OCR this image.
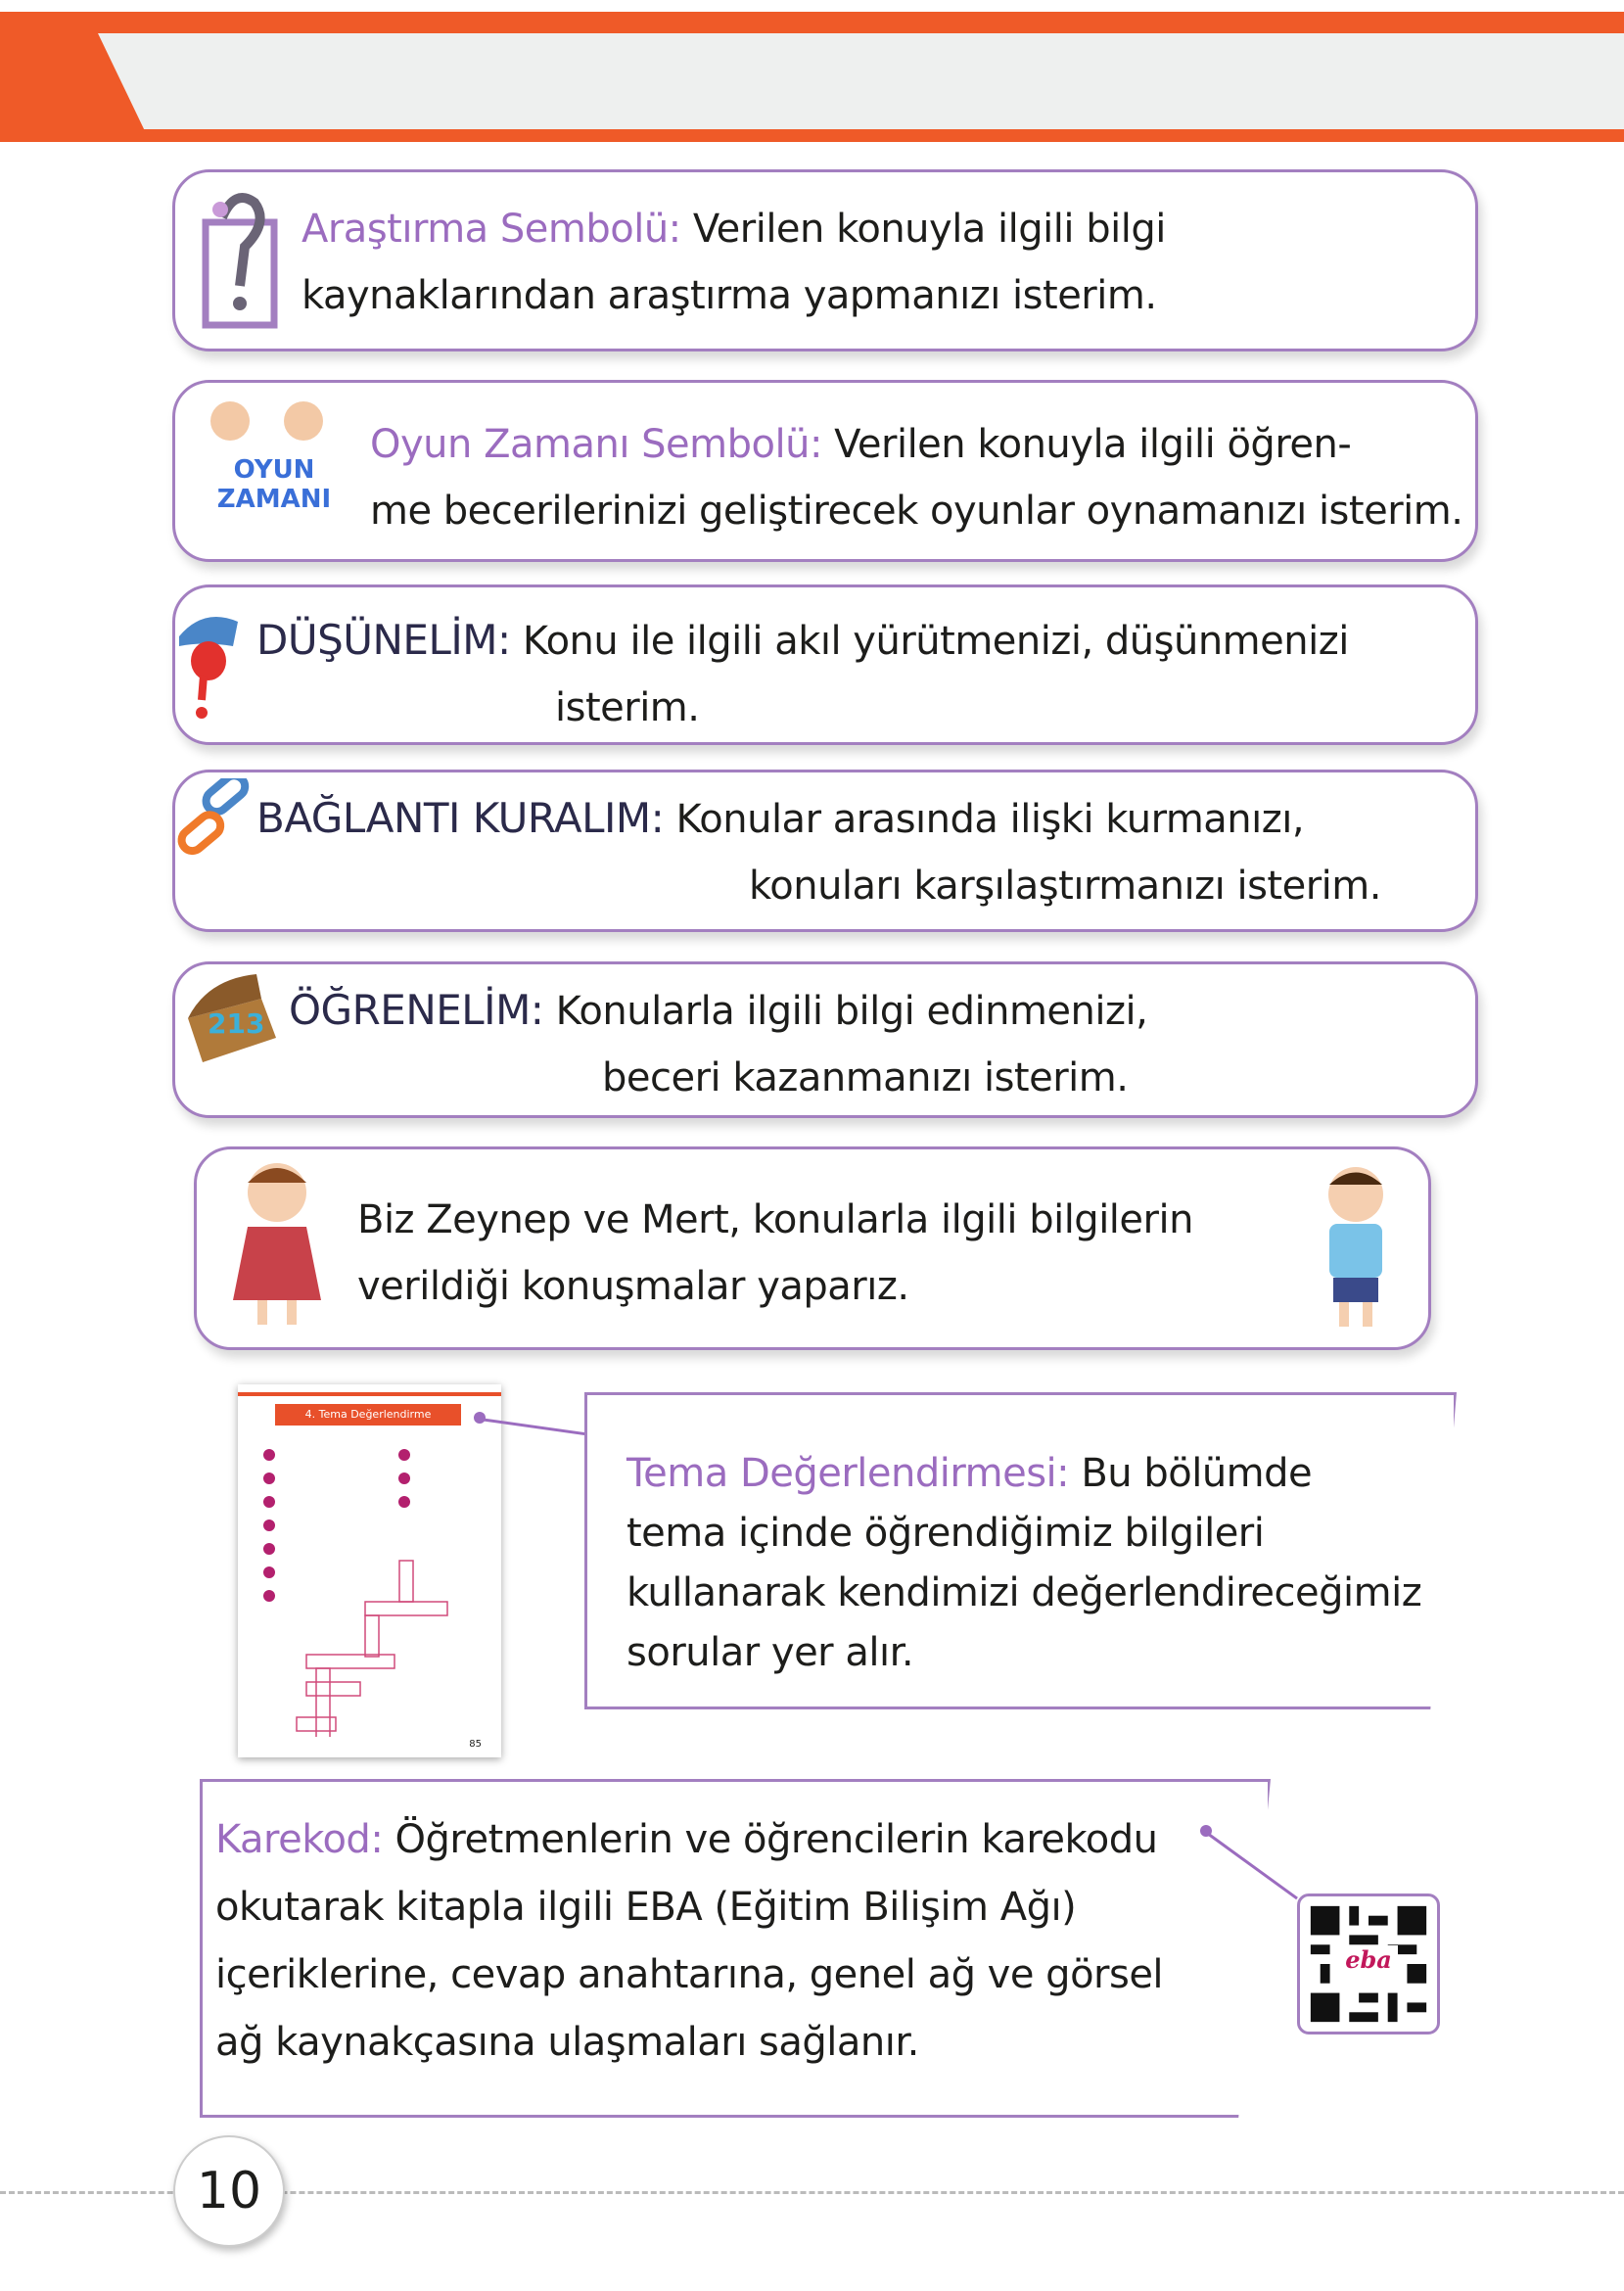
Araştırma Sembolü: Verilen konuyla ilgili bilgi
kaynaklarından araştırma yapmanızı isterim.
OYUN ZAMANI
Oyun Zamanı Sembolü: Verilen konuyla ilgili öğren-
me becerilerinizi geliştirecek oyunlar oynamanızı isterim.
DÜŞÜNELİM: Konu ile ilgili akıl yürütmenizi, düşünmenizi
isterim.
BAĞLANTI KURALIM: Konular arasında ilişki kurmanızı,
konuları karşılaştırmanızı isterim.
213 ÖĞRENELİM: Konularla ilgili bilgi edinmenizi,
beceri kazanmanızı isterim.
Biz Zeynep ve Mert, konularla ilgili bilgilerin
verildiği konuşmalar yaparız.
4. Tema Değerlendirme
85
Tema Değerlendirmesi: Bu bölümde
tema içinde öğrendiğimiz bilgileri
kullanarak kendimizi değerlendireceğimiz
sorular yer alır.
Karekod: Öğretmenlerin ve öğrencilerin karekodu
okutarak kitapla ilgili EBA (Eğitim Bilişim Ağı)
içeriklerine, cevap anahtarına, genel ağ ve görsel
ağ kaynakçasına ulaşmaları sağlanır.
eba
10
